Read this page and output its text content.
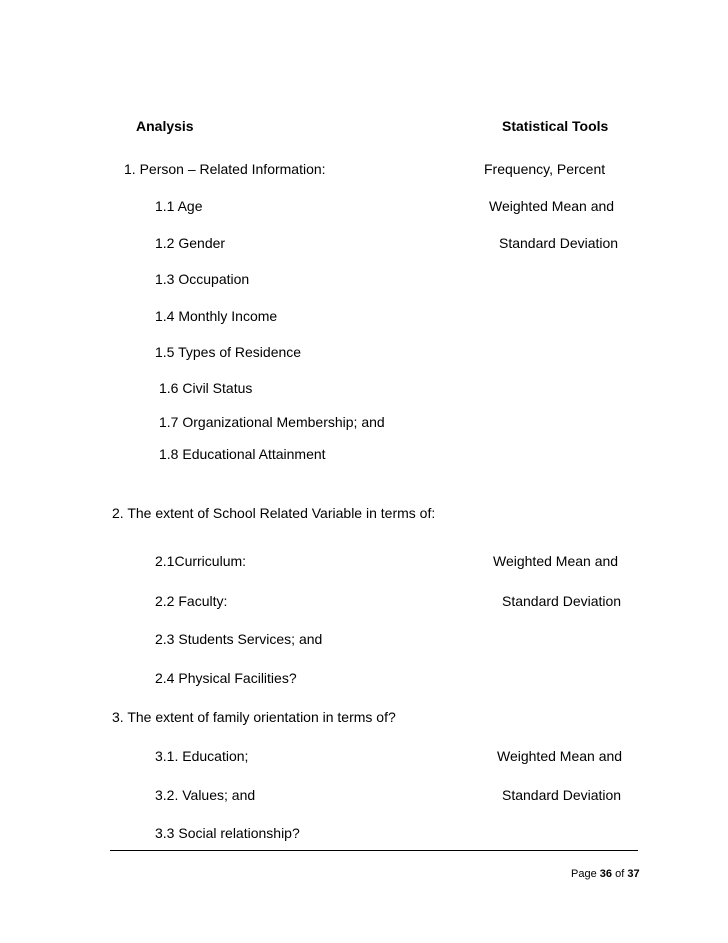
Analysis	Statistical Tools
1. Person – Related Information:	Frequency, Percent
1.1 Age	Weighted Mean and
1.2 Gender	Standard Deviation
1.3 Occupation
1.4 Monthly Income
1.5 Types of Residence
1.6 Civil Status
1.7 Organizational Membership; and
1.8 Educational Attainment
2. The extent of School Related Variable in terms of:
2.1Curriculum:	Weighted Mean and
2.2 Faculty:	Standard Deviation
2.3 Students Services; and
2.4 Physical Facilities?
3. The extent of family orientation in terms of?
3.1. Education;	Weighted Mean and
3.2. Values; and	Standard Deviation
3.3 Social relationship?
Page 36 of 37
